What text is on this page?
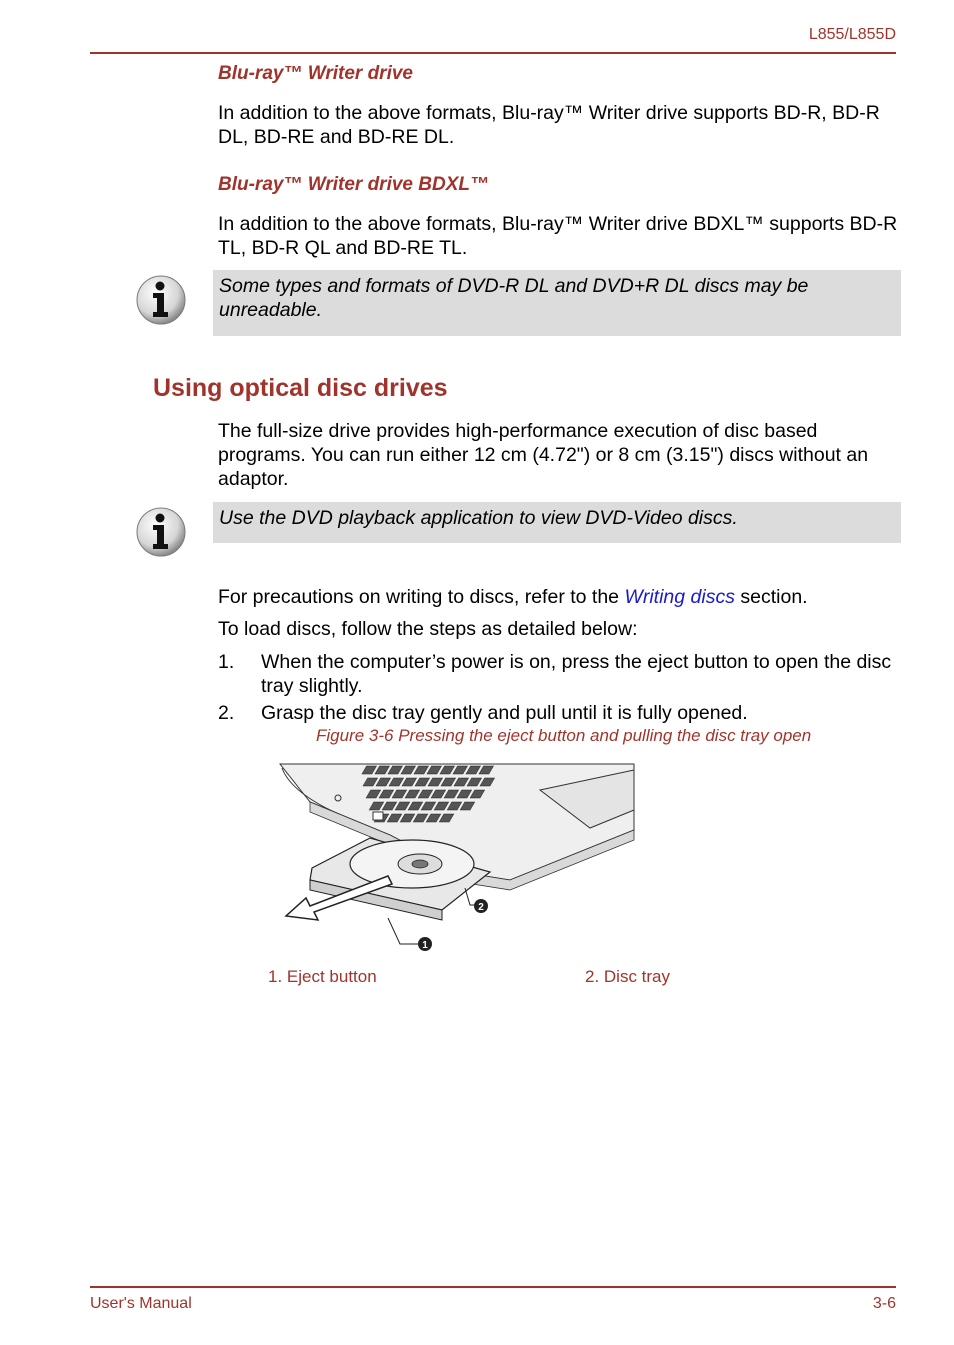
L855/L855D
Blu-ray™ Writer drive
In addition to the above formats, Blu-ray™ Writer drive supports BD-R, BD-R DL, BD-RE and BD-RE DL.
Blu-ray™ Writer drive BDXL™
In addition to the above formats, Blu-ray™ Writer drive BDXL™ supports BD-R TL, BD-R QL and BD-RE TL.
Some types and formats of DVD-R DL and DVD+R DL discs may be unreadable.
Using optical disc drives
The full-size drive provides high-performance execution of disc based programs. You can run either 12 cm (4.72") or 8 cm (3.15") discs without an adaptor.
Use the DVD playback application to view DVD-Video discs.
For precautions on writing to discs, refer to the Writing discs section.
To load discs, follow the steps as detailed below:
1. When the computer’s power is on, press the eject button to open the disc tray slightly.
2. Grasp the disc tray gently and pull until it is fully opened.
Figure 3-6 Pressing the eject button and pulling the disc tray open
2
1
1. Eject button	2. Disc tray
User's Manual	3-6
